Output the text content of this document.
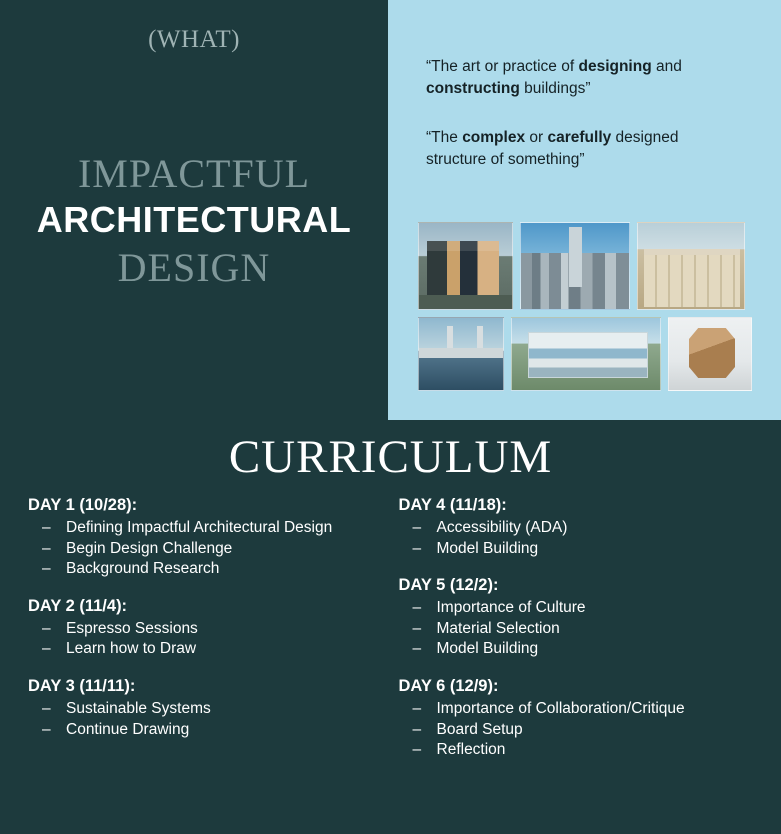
(WHAT)
IMPACTFUL
ARCHITECTURAL
DESIGN

“The art or practice of designing and constructing buildings”

“The complex or carefully designed structure of something”

CURRICULUM
DAY 1 (10/28):
– Defining Impactful Architectural Design
– Begin Design Challenge
– Background Research
DAY 2 (11/4):
– Espresso Sessions
– Learn how to Draw
DAY 3 (11/11):
– Sustainable Systems
– Continue Drawing
DAY 4 (11/18):
– Accessibility (ADA)
– Model Building
DAY 5 (12/2):
– Importance of Culture
– Material Selection
– Model Building
DAY 6 (12/9):
– Importance of Collaboration/Critique
– Board Setup
– Reflection
